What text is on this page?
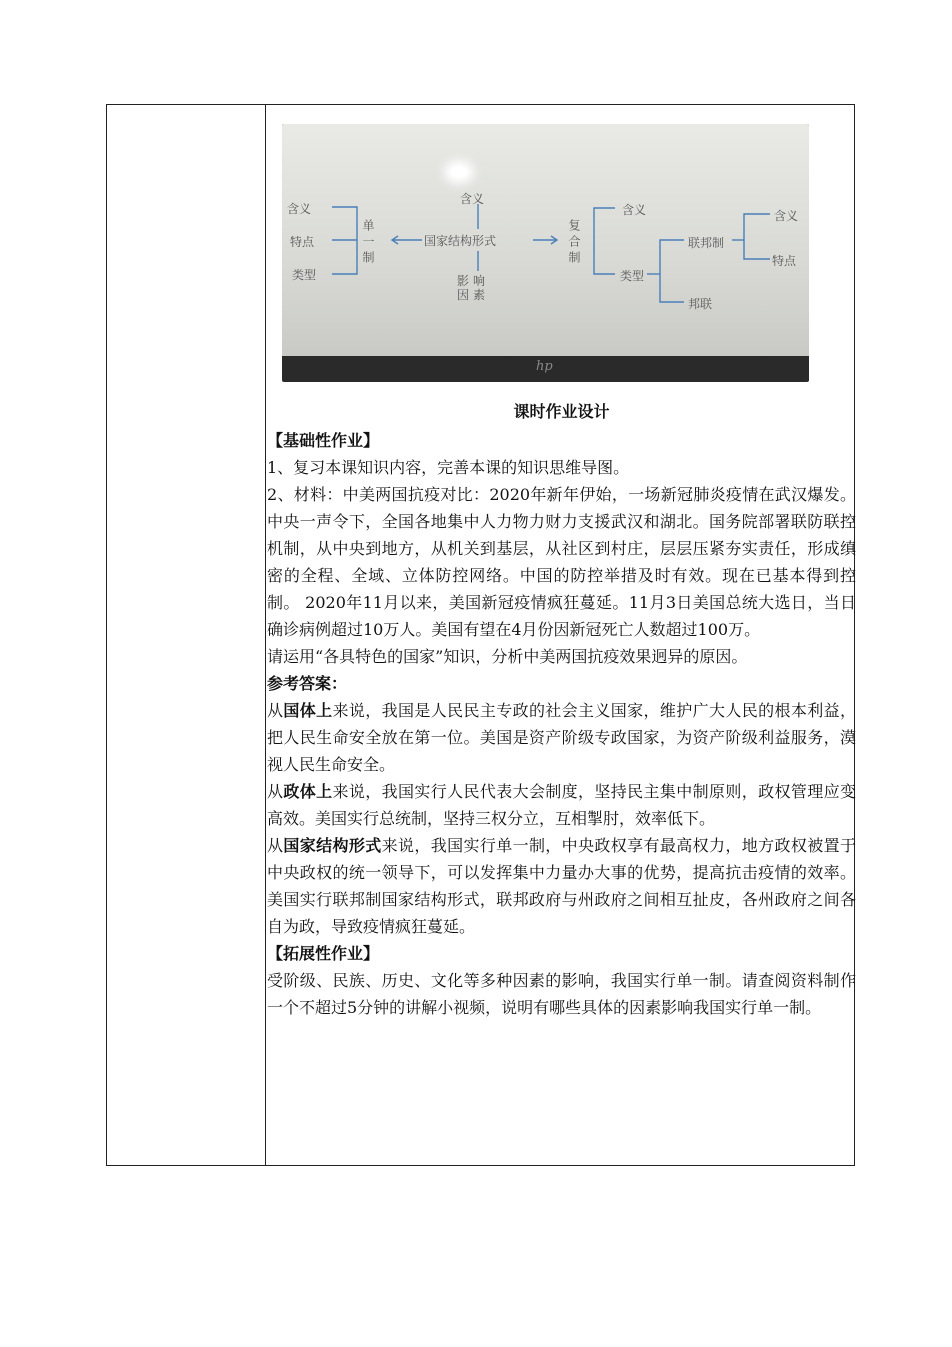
含义
国家结构形式
影响因素
含义
特点
类型
单一制	复合制
含义
类型
联邦制
邦联
含义
特点
hp
课时作业设计
【基础性作业】

1、复习本课知识内容，完善本课的知识思维导图。

2、材料：中美两国抗疫对比：2020年新年伊始，一场新冠肺炎疫情在武汉爆发。中央一声令下，全国各地集中人力物力财力支援武汉和湖北。国务院部署联防联控机制，从中央到地方，从机关到基层，从社区到村庄，层层压紧夯实责任，形成缜密的全程、全域、立体防控网络。中国的防控举措及时有效。现在已基本得到控制。 2020年11月以来，美国新冠疫情疯狂蔓延。11月3日美国总统大选日，当日确诊病例超过10万人。美国有望在4月份因新冠死亡人数超过100万。

请运用“各具特色的国家”知识，分析中美两国抗疫效果迥异的原因。

参考答案：

从国体上来说，我国是人民民主专政的社会主义国家，维护广大人民的根本利益，把人民生命安全放在第一位。美国是资产阶级专政国家，为资产阶级利益服务，漠视人民生命安全。

从政体上来说，我国实行人民代表大会制度，坚持民主集中制原则，政权管理应变高效。美国实行总统制，坚持三权分立，互相掣肘，效率低下。

从国家结构形式来说，我国实行单一制，中央政权享有最高权力，地方政权被置于中央政权的统一领导下，可以发挥集中力量办大事的优势，提高抗击疫情的效率。美国实行联邦制国家结构形式，联邦政府与州政府之间相互扯皮，各州政府之间各自为政，导致疫情疯狂蔓延。

【拓展性作业】

受阶级、民族、历史、文化等多种因素的影响，我国实行单一制。请查阅资料制作一个不超过5分钟的讲解小视频，说明有哪些具体的因素影响我国实行单一制。
